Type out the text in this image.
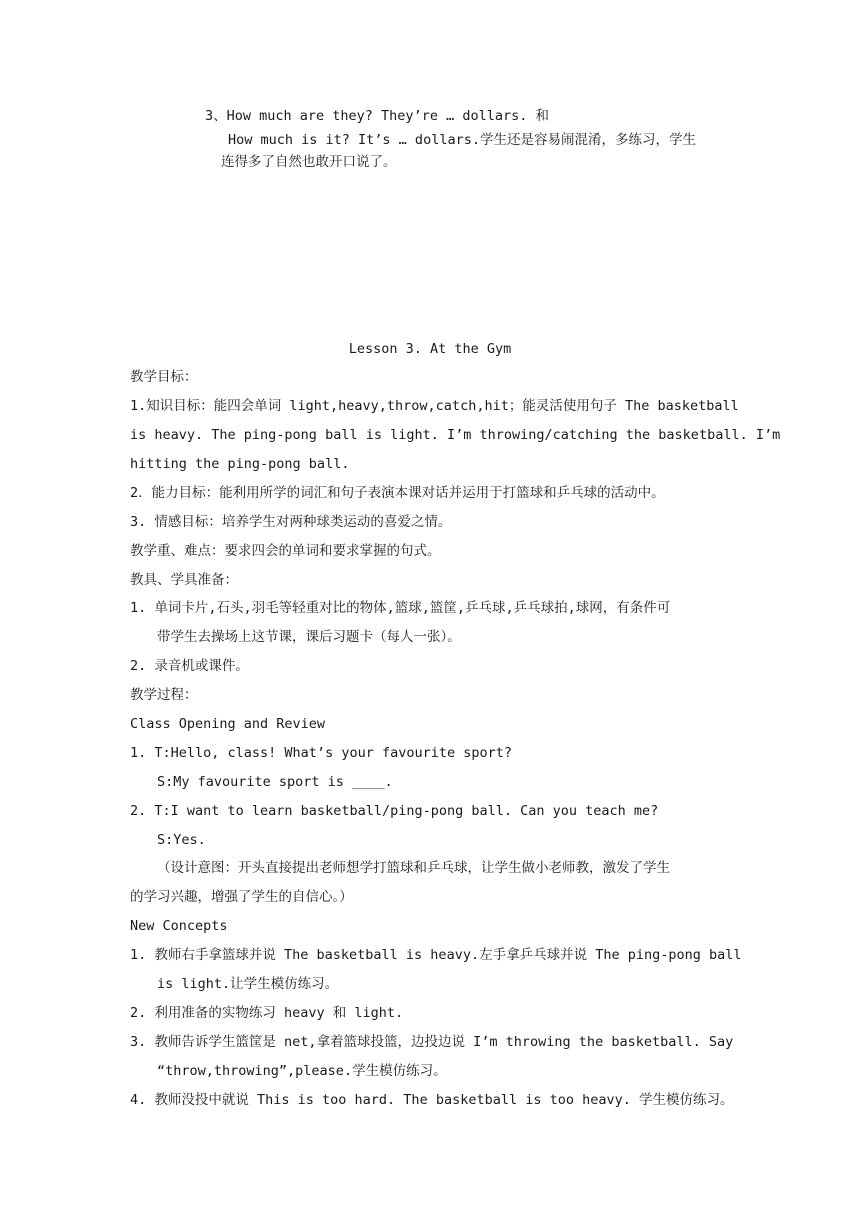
3、How much are they? They’re … dollars. 和
How much is it? It’s … dollars.学生还是容易闹混淆，多练习，学生
连得多了自然也敢开口说了。
Lesson 3. At the Gym
教学目标：
1.知识目标：能四会单词 light,heavy,throw,catch,hit；能灵活使用句子 The basketball
is heavy. The ping-pong ball is light. I’m throwing/catching the basketball. I’m
hitting the ping-pong ball.
2．能力目标：能利用所学的词汇和句子表演本课对话并运用于打篮球和乒乓球的活动中。
3. 情感目标：培养学生对两种球类运动的喜爱之情。
教学重、难点：要求四会的单词和要求掌握的句式。
教具、学具准备：
1. 单词卡片,石头,羽毛等轻重对比的物体,篮球,篮筐,乒乓球,乒乓球拍,球网，有条件可
带学生去操场上这节课，课后习题卡（每人一张）。
2. 录音机或课件。
教学过程：
Class Opening and Review
1. T:Hello, class! What’s your favourite sport?
S:My favourite sport is ____.
2. T:I want to learn basketball/ping-pong ball. Can you teach me?
S:Yes.
（设计意图：开头直接提出老师想学打篮球和乒乓球，让学生做小老师教，激发了学生
的学习兴趣，增强了学生的自信心。）
New Concepts
1. 教师右手拿篮球并说 The basketball is heavy.左手拿乒乓球并说 The ping-pong ball
is light.让学生模仿练习。
2. 利用准备的实物练习 heavy 和 light.
3. 教师告诉学生篮筐是 net,拿着篮球投篮，边投边说 I’m throwing the basketball. Say
“throw,throwing”,please.学生模仿练习。
4. 教师没投中就说 This is too hard. The basketball is too heavy. 学生模仿练习。
